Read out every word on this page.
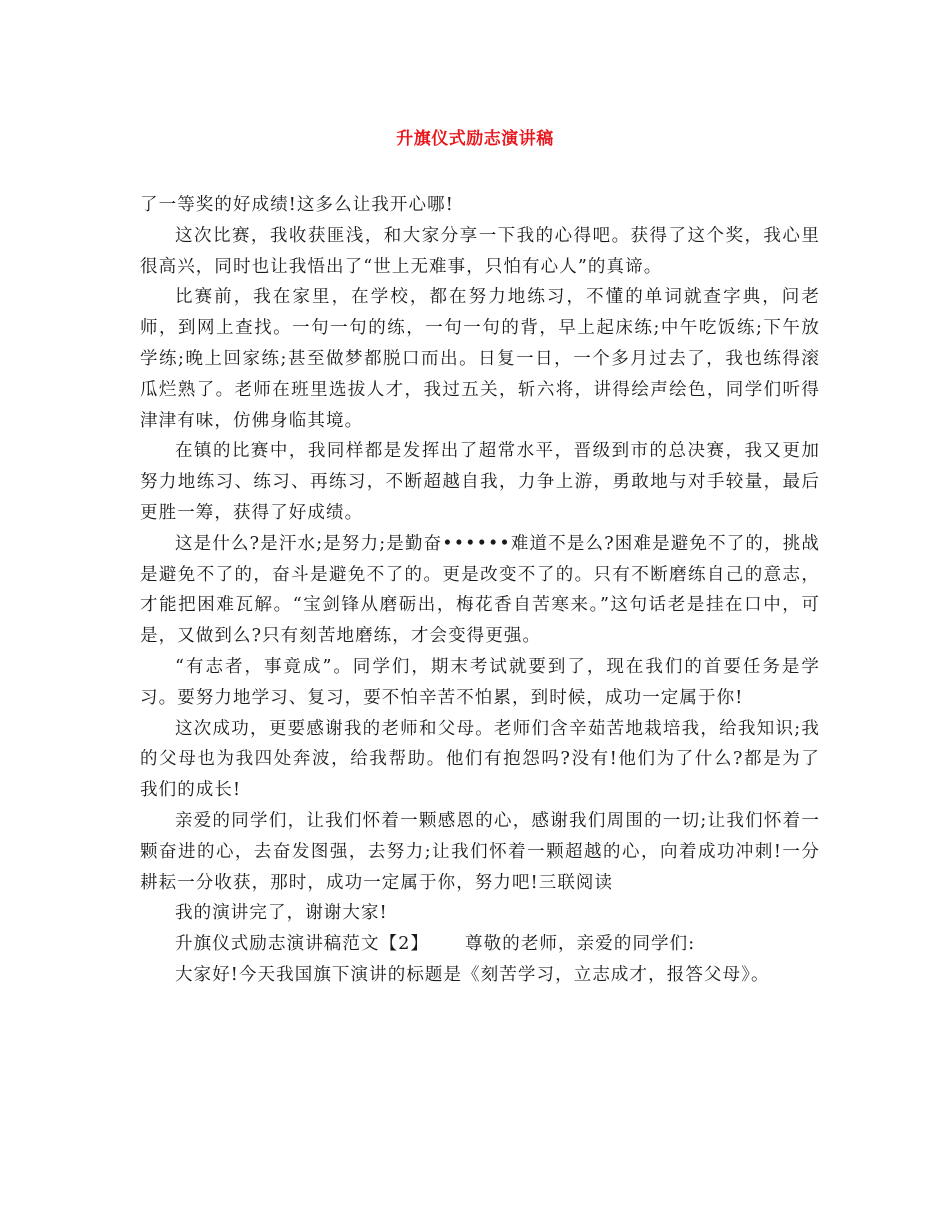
升旗仪式励志演讲稿

了一等奖的好成绩!这多么让我开心哪!

这次比赛，我收获匪浅，和大家分享一下我的心得吧。获得了这个奖，我心里很高兴，同时也让我悟出了“世上无难事，只怕有心人”的真谛。

比赛前，我在家里，在学校，都在努力地练习，不懂的单词就查字典，问老师，到网上查找。一句一句的练，一句一句的背，早上起床练;中午吃饭练;下午放学练;晚上回家练;甚至做梦都脱口而出。日复一日，一个多月过去了，我也练得滚瓜烂熟了。老师在班里选拔人才，我过五关，斩六将，讲得绘声绘色，同学们听得津津有味，仿佛身临其境。

在镇的比赛中，我同样都是发挥出了超常水平，晋级到市的总决赛，我又更加努力地练习、练习、再练习，不断超越自我，力争上游，勇敢地与对手较量，最后更胜一筹，获得了好成绩。

这是什么?是汗水;是努力;是勤奋••••••难道不是么?困难是避免不了的，挑战是避免不了的，奋斗是避免不了的。更是改变不了的。只有不断磨练自己的意志，才能把困难瓦解。“宝剑锋从磨砺出，梅花香自苦寒来。”这句话老是挂在口中，可是，又做到么?只有刻苦地磨练，才会变得更强。

“有志者，事竟成”。同学们，期末考试就要到了，现在我们的首要任务是学习。要努力地学习、复习，要不怕辛苦不怕累，到时候，成功一定属于你!

这次成功，更要感谢我的老师和父母。老师们含辛茹苦地栽培我，给我知识;我的父母也为我四处奔波，给我帮助。他们有抱怨吗?没有!他们为了什么?都是为了我们的成长!

亲爱的同学们，让我们怀着一颗感恩的心，感谢我们周围的一切;让我们怀着一颗奋进的心，去奋发图强，去努力;让我们怀着一颗超越的心，向着成功冲刺!一分耕耘一分收获，那时，成功一定属于你，努力吧!三联阅读

我的演讲完了，谢谢大家!

升旗仪式励志演讲稿范文【2】 尊敬的老师，亲爱的同学们:

大家好!今天我国旗下演讲的标题是《刻苦学习，立志成才，报答父母》。
